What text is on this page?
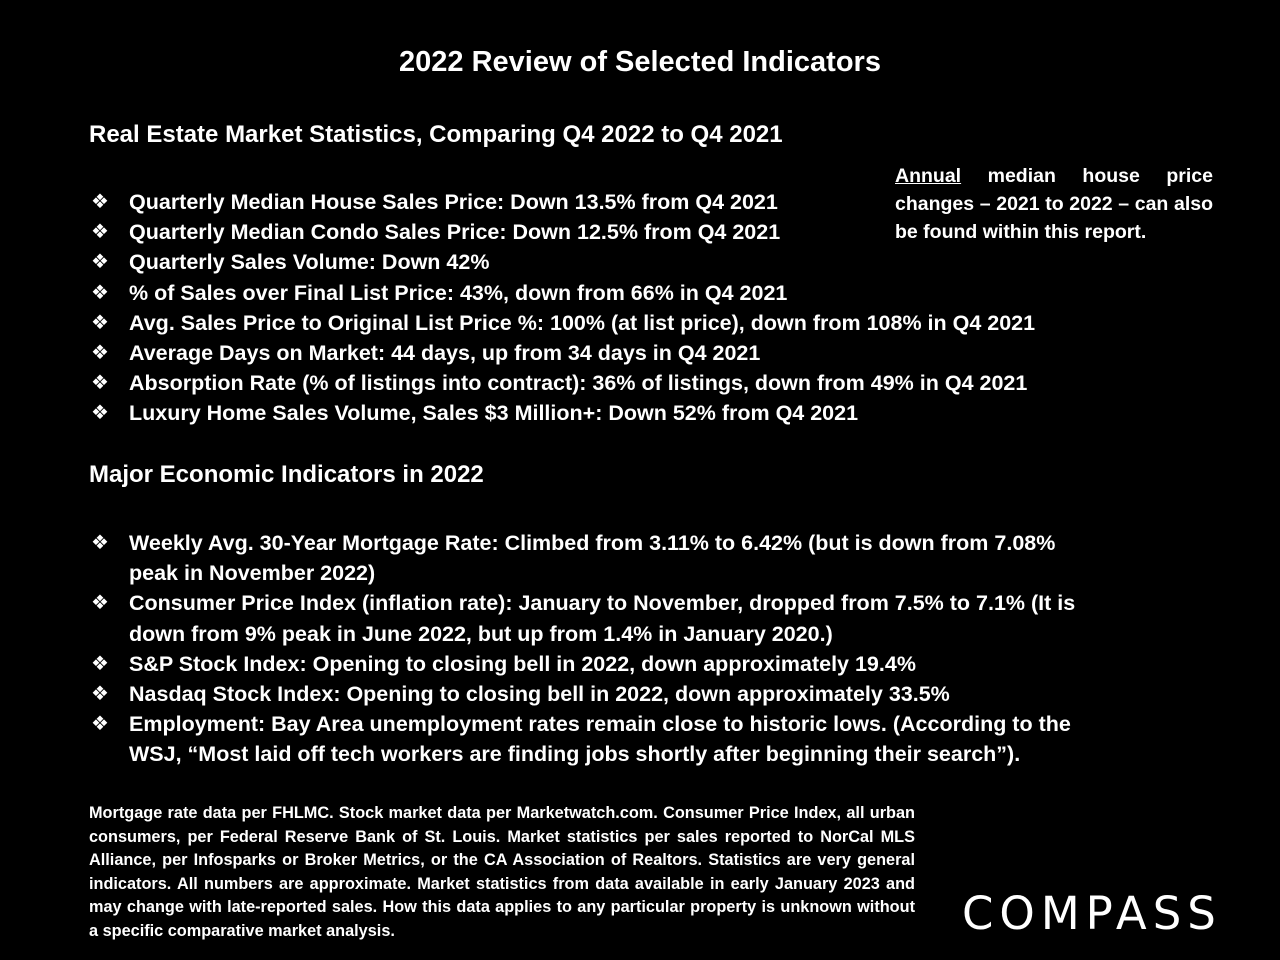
2022 Review of Selected Indicators
Real Estate Market Statistics, Comparing Q4 2022 to Q4 2021
Annual median house price changes – 2021 to 2022 – can also be found within this report.
❖ Quarterly Median House Sales Price: Down 13.5% from Q4 2021
❖ Quarterly Median Condo Sales Price: Down 12.5% from Q4 2021
❖ Quarterly Sales Volume: Down 42%
❖ % of Sales over Final List Price: 43%, down from 66% in Q4 2021
❖ Avg. Sales Price to Original List Price %: 100% (at list price), down from 108% in Q4 2021
❖ Average Days on Market: 44 days, up from 34 days in Q4 2021
❖ Absorption Rate (% of listings into contract): 36% of listings, down from 49% in Q4 2021
❖ Luxury Home Sales Volume, Sales $3 Million+: Down 52% from Q4 2021
Major Economic Indicators in 2022
❖ Weekly Avg. 30-Year Mortgage Rate: Climbed from 3.11% to 6.42% (but is down from 7.08% peak in November 2022)
❖ Consumer Price Index (inflation rate): January to November, dropped from 7.5% to 7.1% (It is down from 9% peak in June 2022, but up from 1.4% in January 2020.)
❖ S&P Stock Index: Opening to closing bell in 2022, down approximately 19.4%
❖ Nasdaq Stock Index: Opening to closing bell in 2022, down approximately 33.5%
❖ Employment: Bay Area unemployment rates remain close to historic lows. (According to the WSJ, “Most laid off tech workers are finding jobs shortly after beginning their search”).
Mortgage rate data per FHLMC. Stock market data per Marketwatch.com. Consumer Price Index, all urban consumers, per Federal Reserve Bank of St. Louis. Market statistics per sales reported to NorCal MLS Alliance, per Infosparks or Broker Metrics, or the CA Association of Realtors. Statistics are very general indicators. All numbers are approximate. Market statistics from data available in early January 2023 and may change with late-reported sales. How this data applies to any particular property is unknown without a specific comparative market analysis.	COMPASS
